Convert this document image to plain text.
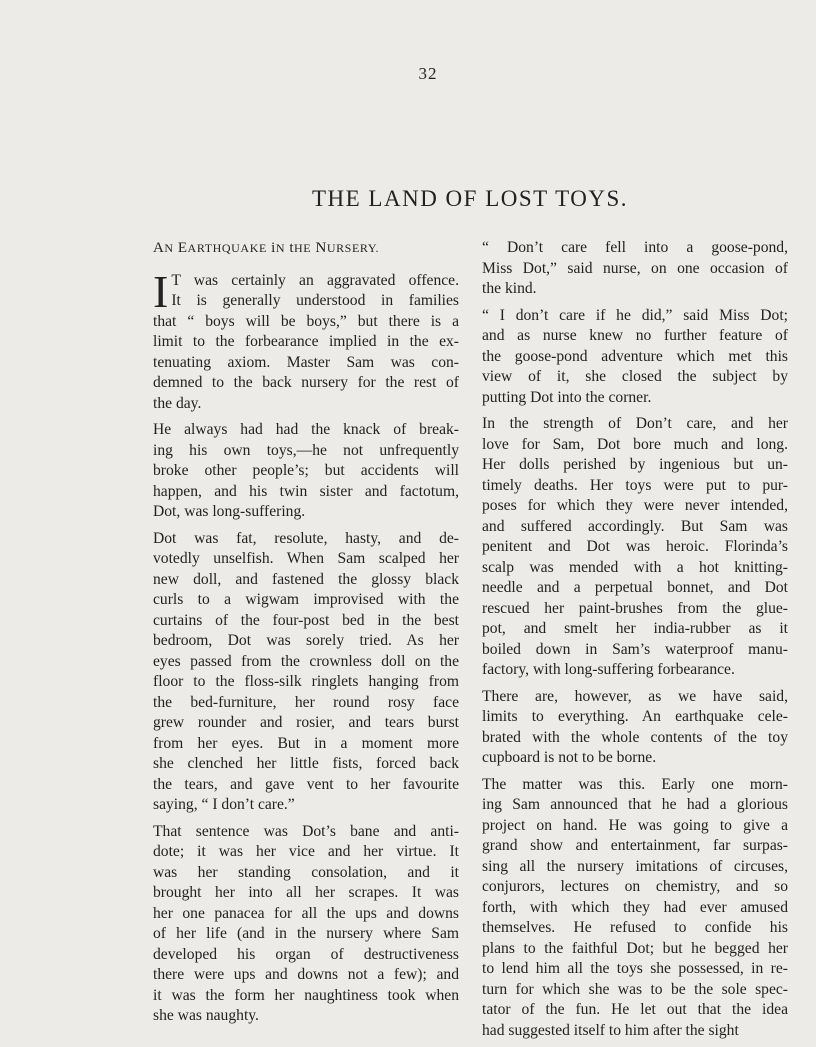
32
THE LAND OF LOST TOYS.
AN EARTHQUAKE iN tHE NURSERY.

I T was certainly an aggravated offence.
It is generally understood in families
that “ boys will be boys,” but there is a
limit to the forbearance implied in the ex-
tenuating axiom. Master Sam was con-
demned to the back nursery for the rest of
the day.

He always had had the knack of break-
ing his own toys,—he not unfrequently
broke other people’s; but accidents will
happen, and his twin sister and factotum,
Dot, was long-suffering.

Dot was fat, resolute, hasty, and de-
votedly unselfish. When Sam scalped her
new doll, and fastened the glossy black
curls to a wigwam improvised with the
curtains of the four-post bed in the best
bedroom, Dot was sorely tried. As her
eyes passed from the crownless doll on the
floor to the floss-silk ringlets hanging from
the bed-furniture, her round rosy face
grew rounder and rosier, and tears burst
from her eyes. But in a moment more
she clenched her little fists, forced back
the tears, and gave vent to her favourite
saying, “ I don’t care.”

That sentence was Dot’s bane and anti-
dote; it was her vice and her virtue. It
was her standing consolation, and it
brought her into all her scrapes. It was
her one panacea for all the ups and downs
of her life (and in the nursery where Sam
developed his organ of destructiveness
there were ups and downs not a few); and
it was the form her naughtiness took when
she was naughty.

“ Don’t care fell into a goose-pond,
Miss Dot,” said nurse, on one occasion of
the kind.

“ I don’t care if he did,” said Miss Dot;
and as nurse knew no further feature of
the goose-pond adventure which met this
view of it, she closed the subject by
putting Dot into the corner.

In the strength of Don’t care, and her
love for Sam, Dot bore much and long.
Her dolls perished by ingenious but un-
timely deaths. Her toys were put to pur-
poses for which they were never intended,
and suffered accordingly. But Sam was
penitent and Dot was heroic. Florinda’s
scalp was mended with a hot knitting-
needle and a perpetual bonnet, and Dot
rescued her paint-brushes from the glue-
pot, and smelt her india-rubber as it
boiled down in Sam’s waterproof manu-
factory, with long-suffering forbearance.

There are, however, as we have said,
limits to everything. An earthquake cele-
brated with the whole contents of the toy
cupboard is not to be borne.

The matter was this. Early one morn-
ing Sam announced that he had a glorious
project on hand. He was going to give a
grand show and entertainment, far surpas-
sing all the nursery imitations of circuses,
conjurors, lectures on chemistry, and so
forth, with which they had ever amused
themselves. He refused to confide his
plans to the faithful Dot; but he begged her
to lend him all the toys she possessed, in re-
turn for which she was to be the sole spec-
tator of the fun. He let out that the idea
had suggested itself to him after the sight
